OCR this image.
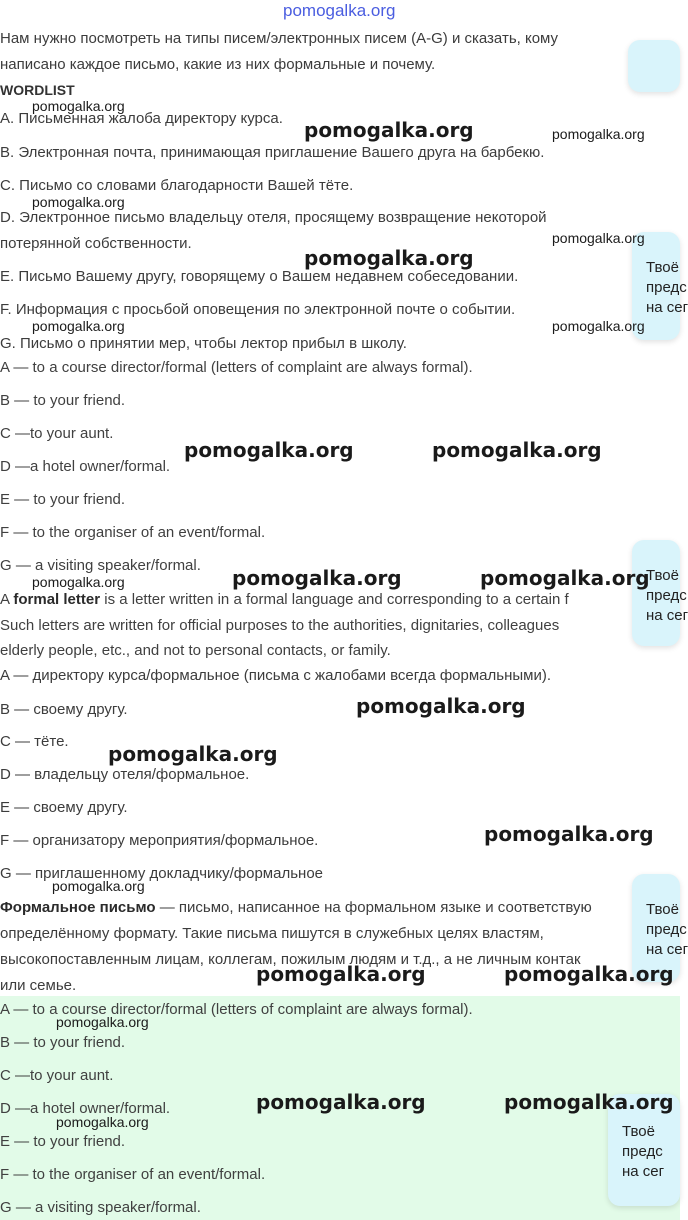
pomogalka.org
Нам нужно посмотреть на типы писем/электронных писем (A-G) и сказать, кому
написано каждое письмо, какие из них формальные и почему.
WORDLIST
A. Письменная жалоба директору курса.
B. Электронная почта, принимающая приглашение Вашего друга на барбекю.
C. Письмо со словами благодарности Вашей тёте.
D. Электронное письмо владельцу отеля, просящему возвращение некоторой
потерянной собственности.
E. Письмо Вашему другу, говорящему о Вашем недавнем собеседовании.
F. Информация с просьбой оповещения по электронной почте о событии.
G. Письмо о принятии мер, чтобы лектор прибыл в школу.
A — to a course director/formal (letters of complaint are always formal).
B — to your friend.
C —to your aunt.
D —a hotel owner/formal.
E — to your friend.
F — to the organiser of an event/formal.
G — a visiting speaker/formal.
A formal letter is a letter written in a formal language and corresponding to a certain f
Such letters are written for official purposes to the authorities, dignitaries, colleagues
elderly people, etc., and not to personal contacts, or family.
A — директору курса/формальное (письма с жалобами всегда формальными).
B — своему другу.
C — тёте.
D — владельцу отеля/формальное.
E — своему другу.
F — организатору мероприятия/формальное.
G — приглашенному докладчику/формальное
Формальное письмо — письмо, написанное на формальном языке и соответствую
определённому формату. Такие письма пишутся в служебных целях властям,
высокопоставленным лицам, коллегам, пожилым людям и т.д., а не личным контак
или семье.
A — to a course director/formal (letters of complaint are always formal).
B — to your friend.
C —to your aunt.
D —a hotel owner/formal.
E — to your friend.
F — to the organiser of an event/formal.
G — a visiting speaker/formal.
Твоё
предс
на сег
Твоё
предс
на сег
Твоё
предс
на сег
Твоё
предс
на сег
pomogalka.org
pomogalka.org	pomogalka.org
pomogalka.org
pomogalka.org
pomogalka.org
pomogalka.org	pomogalka.org
pomogalka.org	pomogalka.org
pomogalka.org	pomogalka.org
pomogalka.org
pomogalka.org
pomogalka.org
pomogalka.org
pomogalka.org
pomogalka.org	pomogalka.org
pomogalka.org
pomogalka.org	pomogalka.org
pomogalka.org
